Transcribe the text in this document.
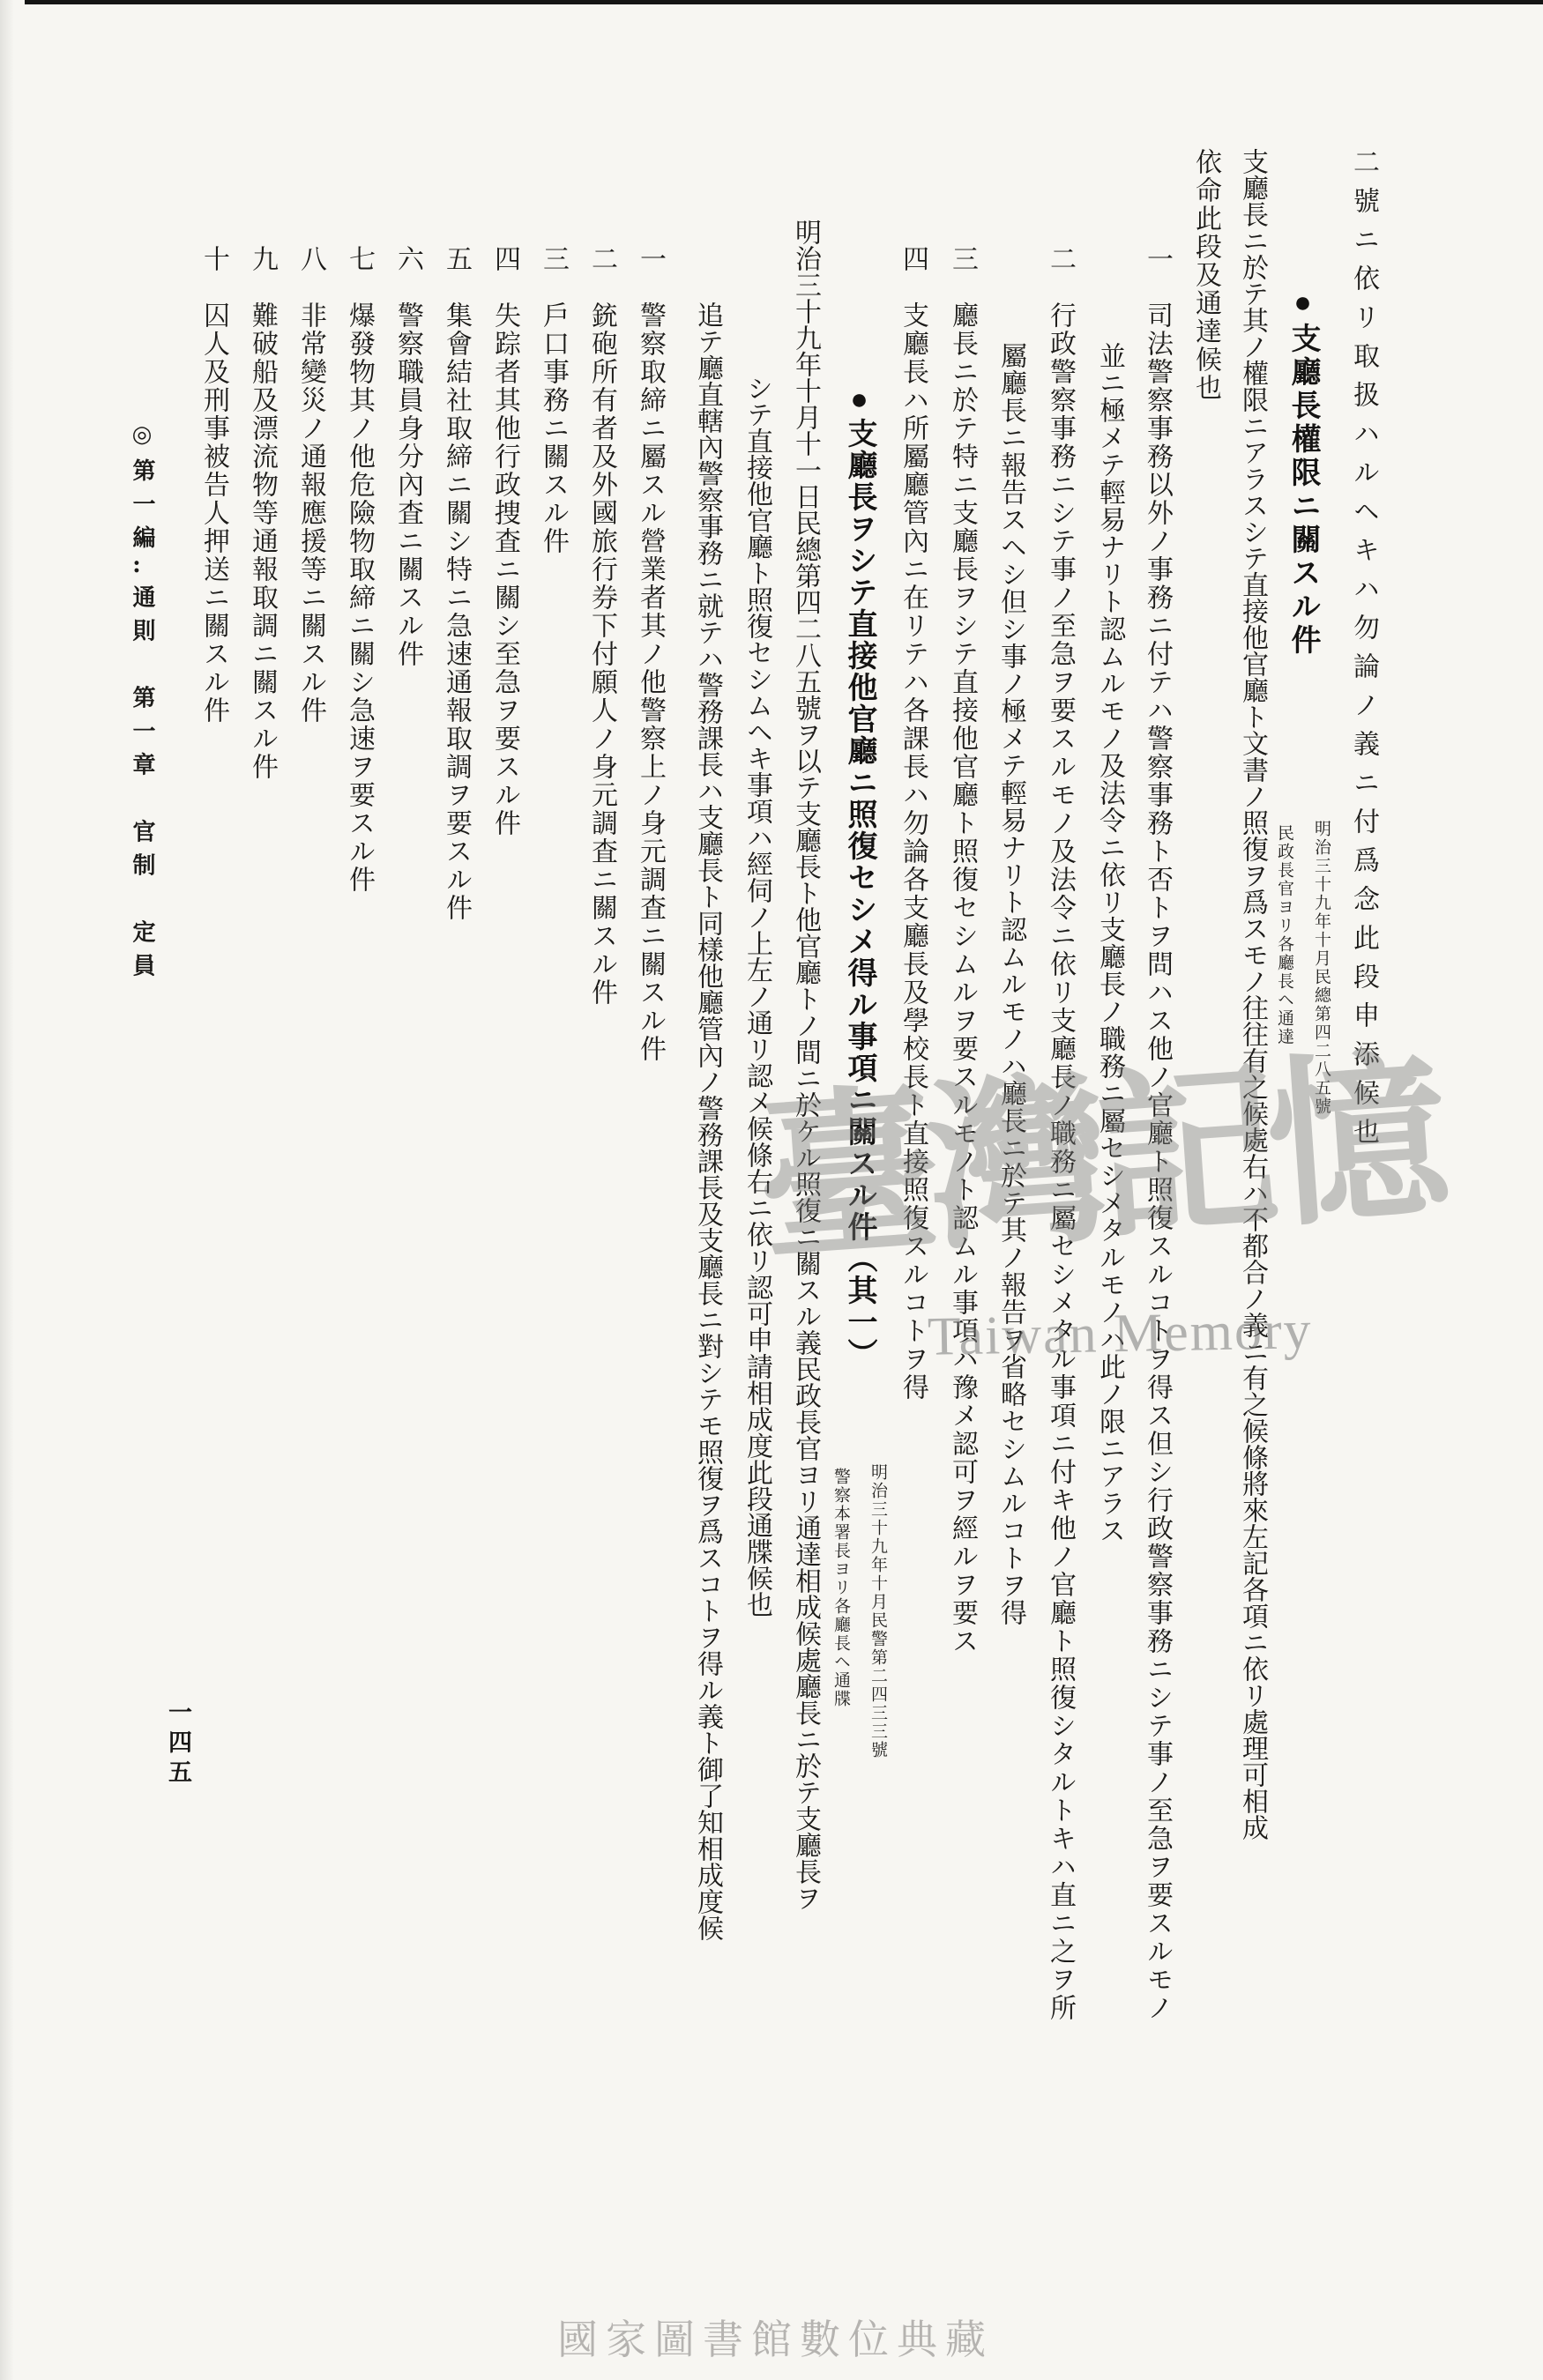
二號ニ依リ取扱ハルヘキハ勿論ノ義ニ付爲念此段申添候也
●支廳長權限ニ關スル件
明治三十九年十月民總第四二八五號
民政長官ヨリ各廳長ヘ通達
支廳長ニ於テ其ノ權限ニアラスシテ直接他官廳ト文書ノ照復ヲ爲スモノ往往有之候處右ハ不都合ノ義ニ有之候條將來左記各項ニ依リ處理可相成
依命此段及通達候也
一　司法警察事務以外ノ事務ニ付テハ警察事務ト否トヲ問ハス他ノ官廳ト照復スルコトヲ得ス但シ行政警察事務ニシテ事ノ至急ヲ要スルモノ
並ニ極メテ輕易ナリト認ムルモノ及法令ニ依リ支廳長ノ職務ニ屬セシメタルモノハ此ノ限ニアラス
二　行政警察事務ニシテ事ノ至急ヲ要スルモノ及法令ニ依リ支廳長ノ職務ニ屬セシメタル事項ニ付キ他ノ官廳ト照復シタルトキハ直ニ之ヲ所
屬廳長ニ報告スヘシ但シ事ノ極メテ輕易ナリト認ムルモノハ廳長ニ於テ其ノ報告ヲ省略セシムルコトヲ得
三　廳長ニ於テ特ニ支廳長ヲシテ直接他官廳ト照復セシムルヲ要スルモノト認ムル事項ハ豫メ認可ヲ經ルヲ要ス
四　支廳長ハ所屬廳管內ニ在リテハ各課長ハ勿論各支廳長及學校長ト直接照復スルコトヲ得
●支廳長ヲシテ直接他官廳ニ照復セシメ得ル事項ニ關スル件（其一）
明治三十九年十月民警第二四三三號
警察本署長ヨリ各廳長ヘ通牒
明治三十九年十月十一日民總第四二八五號ヲ以テ支廳長ト他官廳トノ間ニ於ケル照復ニ關スル義民政長官ヨリ通達相成候處廳長ニ於テ支廳長ヲ
シテ直接他官廳ト照復セシムヘキ事項ハ經伺ノ上左ノ通リ認メ候條右ニ依リ認可申請相成度此段通牒候也
追テ廳直轄內警察事務ニ就テハ警務課長ハ支廳長ト同樣他廳管內ノ警務課長及支廳長ニ對シテモ照復ヲ爲スコトヲ得ル義ト御了知相成度候
一　警察取締ニ屬スル營業者其ノ他警察上ノ身元調査ニ關スル件
二　銃砲所有者及外國旅行券下付願人ノ身元調査ニ關スル件
三　戶口事務ニ關スル件
四　失踪者其他行政捜査ニ關シ至急ヲ要スル件
五　集會結社取締ニ關シ特ニ急速通報取調ヲ要スル件
六　警察職員身分內査ニ關スル件
七　爆發物其ノ他危險物取締ニ關シ急速ヲ要スル件
八　非常變災ノ通報應援等ニ關スル件
九　難破船及漂流物等通報取調ニ關スル件
十　囚人及刑事被告人押送ニ關スル件
◎第一編‥通則　第一章　官制　定員
一四五
臺灣記憶
Taiwan Memory
國家圖書館數位典藏
